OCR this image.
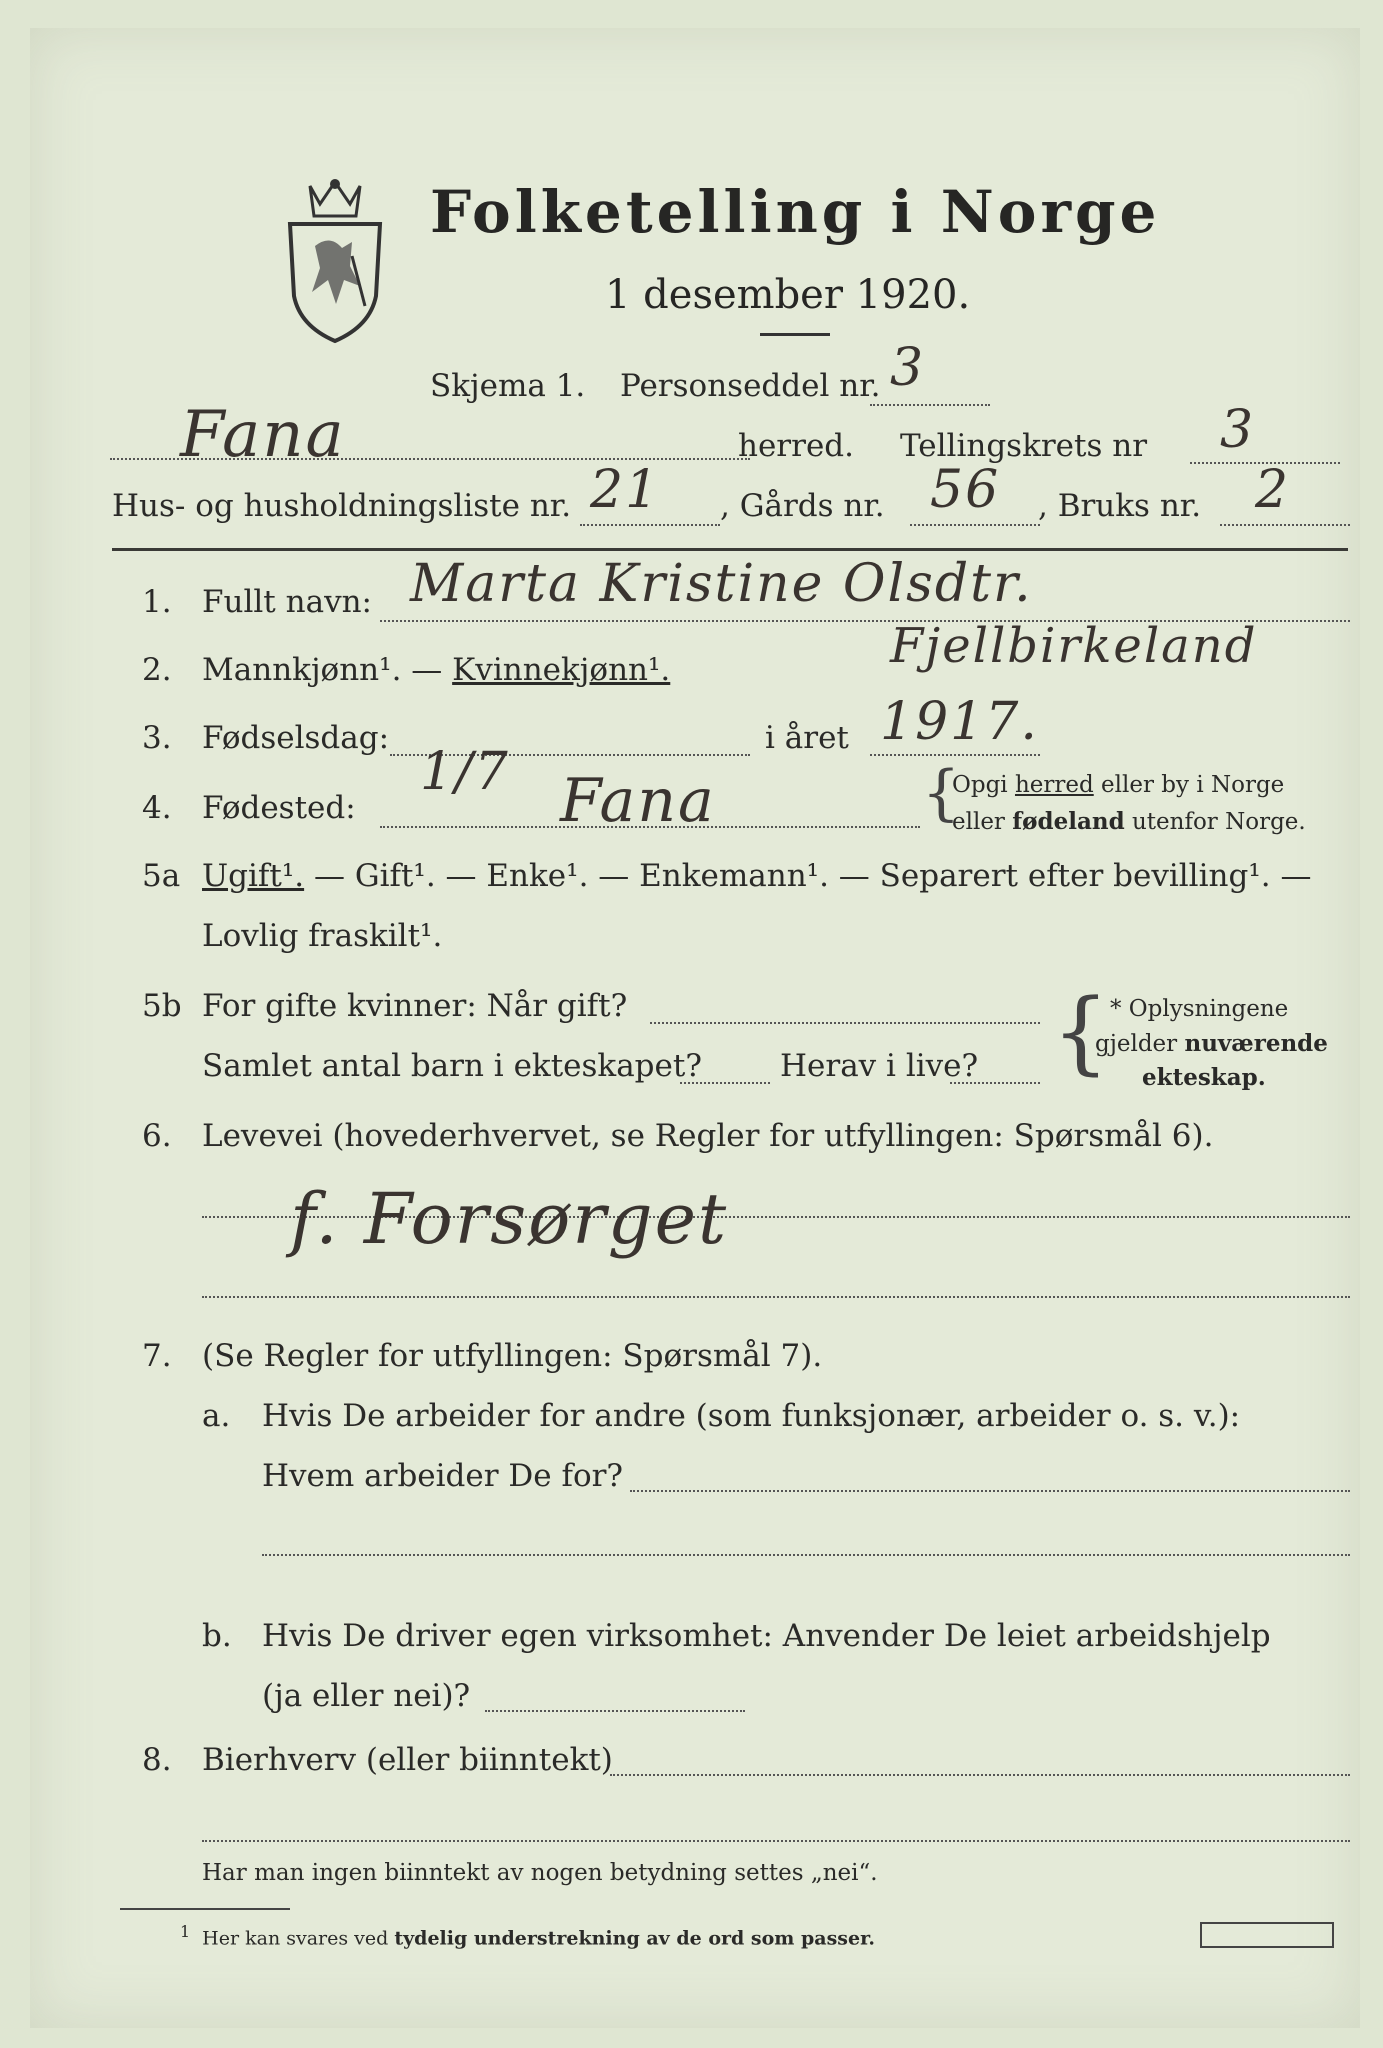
Folketelling i Norge
1 desember 1920.
Skjema 1. Personseddel nr. 3
Fana	herred. Tellingskrets nr 3
Hus- og husholdningsliste nr. 21 , Gårds nr. 56 , Bruks nr. 2
1. Fullt navn: Marta Kristine Olsdtr.
Fjellbirkeland
2. Mannkjønn¹. — Kvinnekjønn¹.
3. Fødselsdag:	i året 1917.
4. Fødested:
1/7 Fana	{
Opgi herred eller by i Norge
eller fødeland utenfor Norge.
5a Ugift¹. — Gift¹. — Enke¹. — Enkemann¹. — Separert efter bevilling¹. —
Lovlig fraskilt¹.
5b For gifte kvinner: Når gift?
Samlet antal barn i ekteskapet?	Herav i live? { * Oplysningene
gjelder nuværende
ekteskap.
6. Levevei (hovederhvervet, se Regler for utfyllingen: Spørsmål 6).
f. Forsørget
7. (Se Regler for utfyllingen: Spørsmål 7).
a. Hvis De arbeider for andre (som funksjonær, arbeider o. s. v.):
Hvem arbeider De for?
b. Hvis De driver egen virksomhet: Anvender De leiet arbeidshjelp
(ja eller nei)?
8. Bierhverv (eller biinntekt)
Har man ingen biinntekt av nogen betydning settes „nei“.
$^1$ Her kan svares ved tydelig understrekning av de ord som passer.
